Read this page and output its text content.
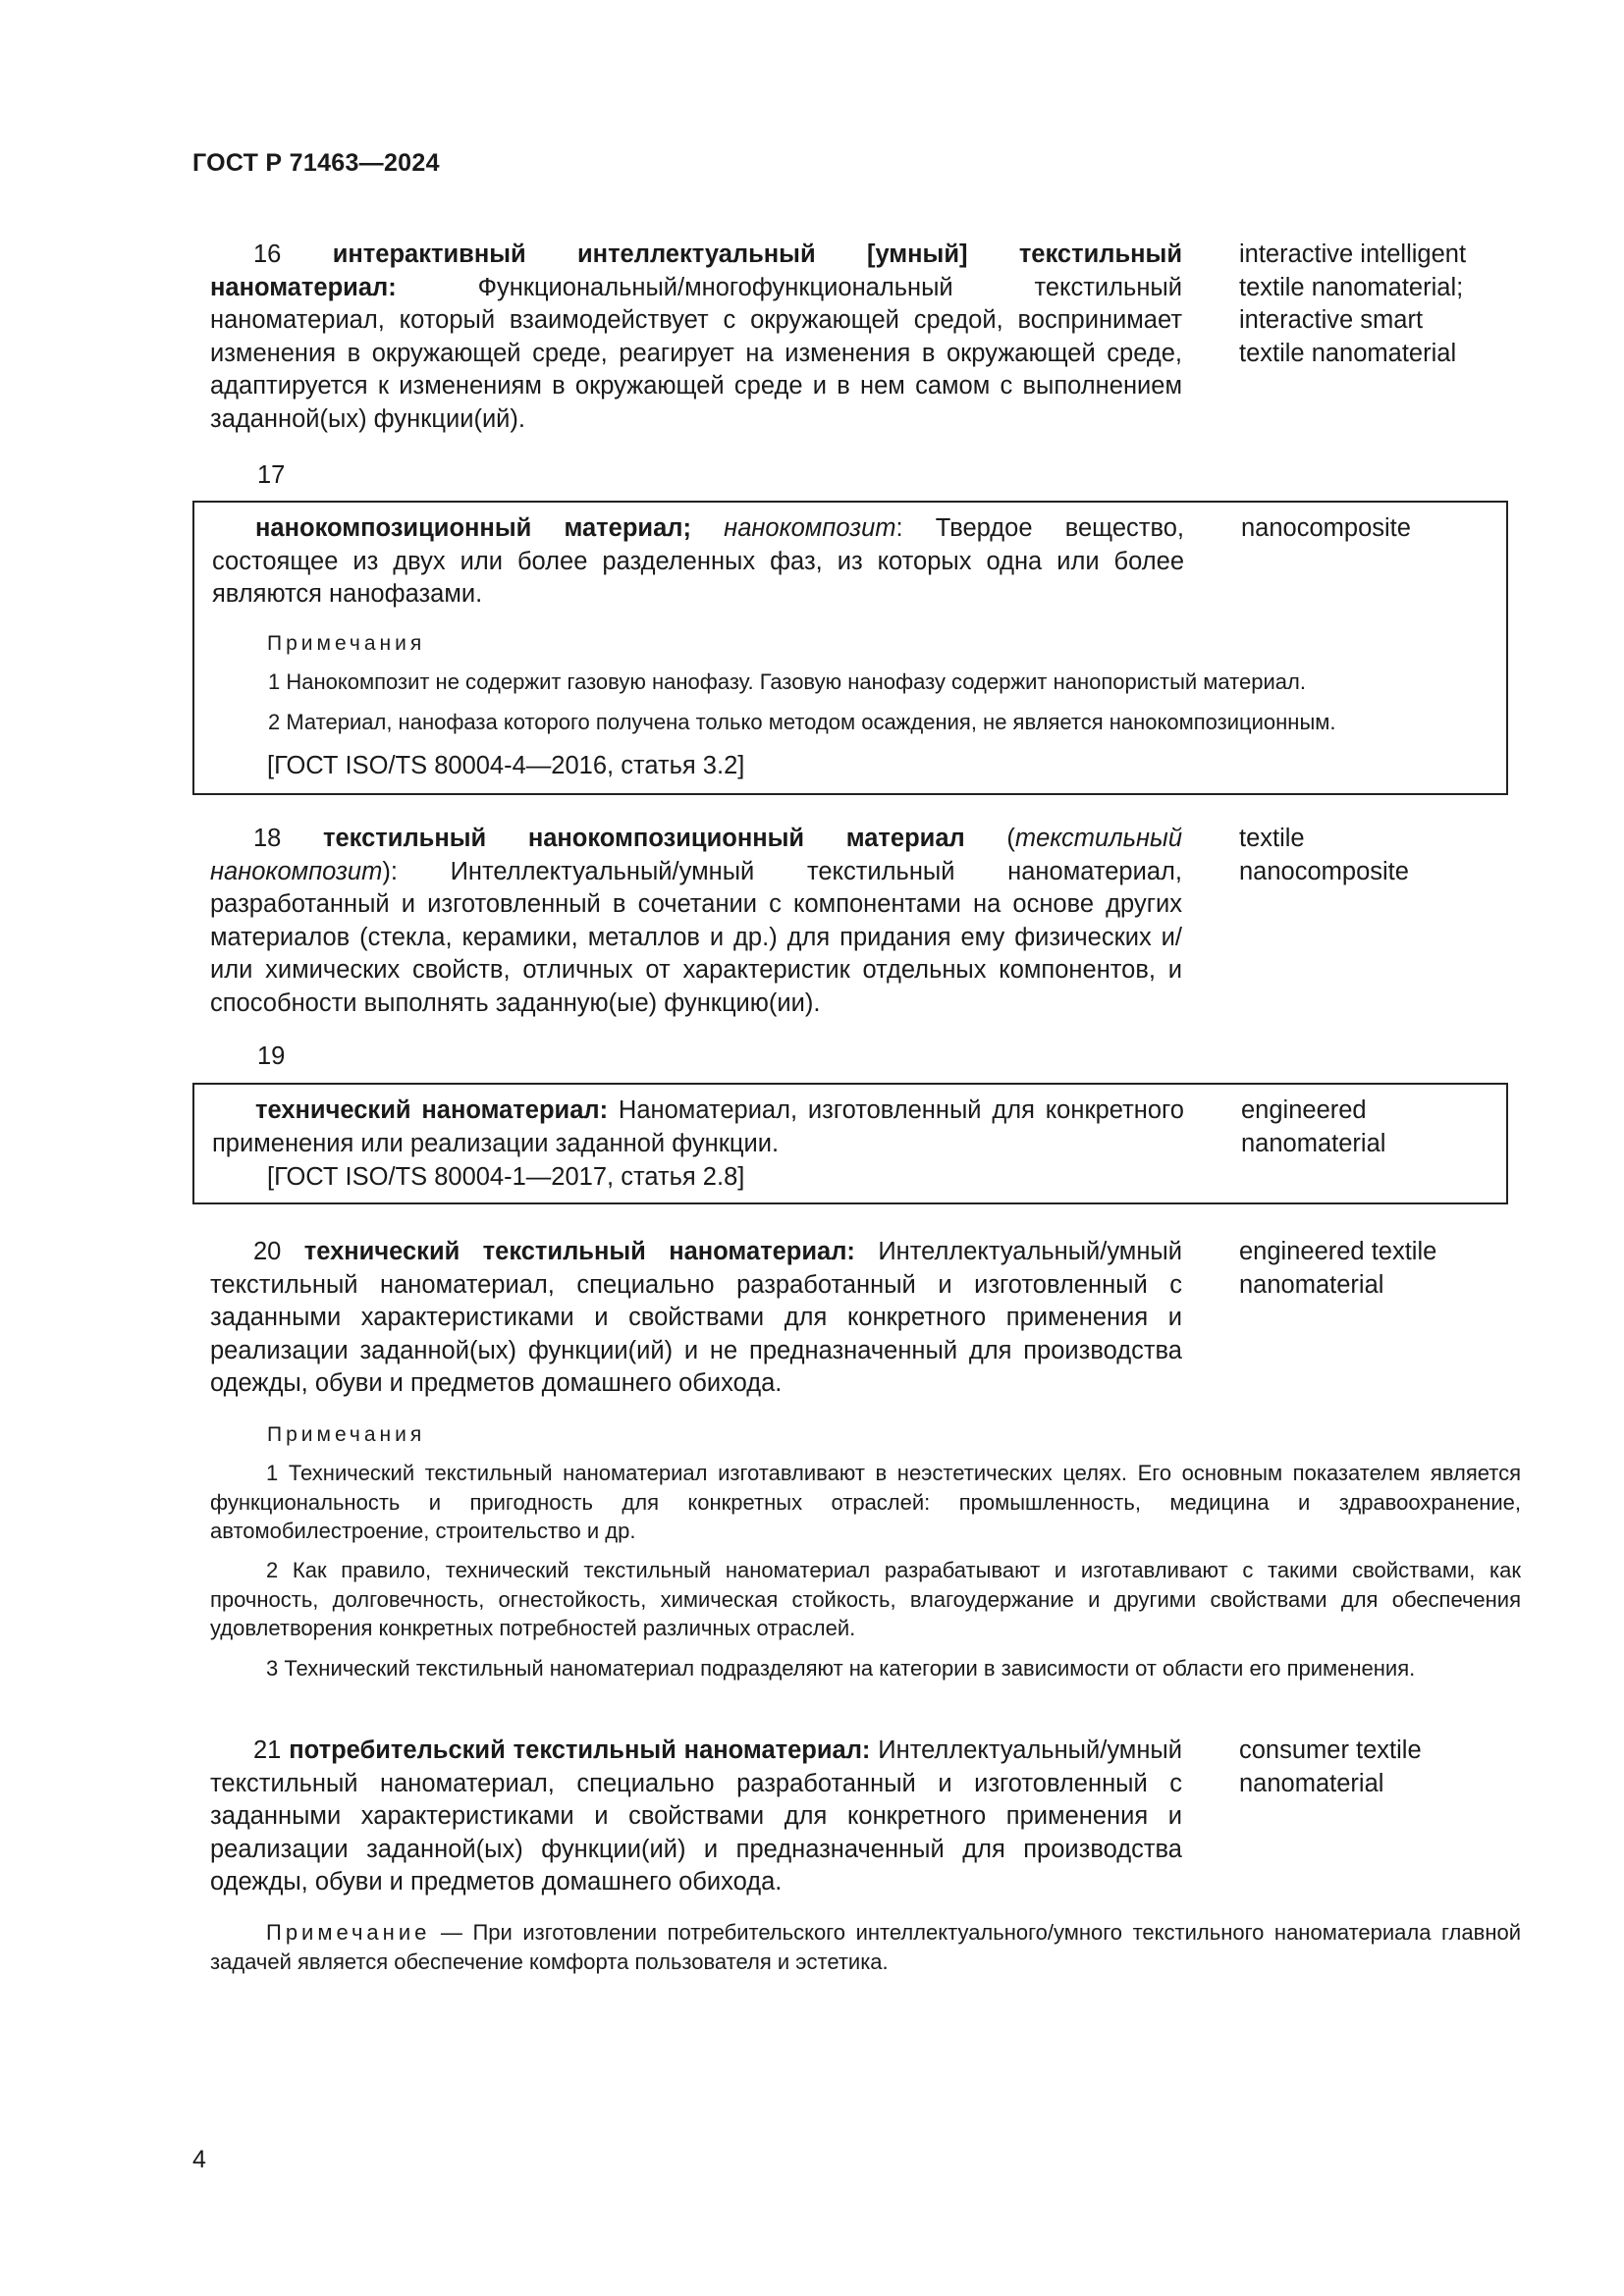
ГОСТ Р 71463—2024
16 интерактивный интеллектуальный [умный] текстильный наноматериал:	Функциональный/многофункциональный текстильный наноматериал, который взаимодействует с окружающей средой, воспринимает изменения в окружающей среде, реагирует на изменения в окружающей среде, адаптируется к изменениям в окружающей среде и в нем самом с выполнением заданной(ых) функции(ий).
interactive intelligent
textile nanomaterial;
interactive smart
textile nanomaterial
17
нанокомпозиционный материал; нанокомпозит: Твердое вещество, состоящее из двух или более разделенных фаз, из которых одна или более являются нанофазами.
nanocomposite
Примечания
1 Нанокомпозит не содержит газовую нанофазу. Газовую нанофазу содержит нанопористый материал.
2 Материал, нанофаза которого получена только методом осаждения, не является нанокомпозиционным.
[ГОСТ ISO/TS 80004-4—2016, статья 3.2]
18 текстильный нанокомпозиционный материал (текстильный нанокомпозит): Интеллектуальный/умный текстильный наноматериал, разработанный и изготовленный в сочетании с компонентами на основе других материалов (стекла, керамики, металлов и др.) для придания ему физических и/или химических свойств, отличных от характеристик отдельных компонентов, и способности выполнять заданную(ые) функцию(ии).
textile
nanocomposite
19
технический наноматериал: Наноматериал, изготовленный для конкретного применения или реализации заданной функции.
engineered
nanomaterial
[ГОСТ ISO/TS 80004-1—2017, статья 2.8]
20 технический текстильный наноматериал: Интеллектуальный/умный текстильный наноматериал, специально разработанный и изготовленный с заданными характеристиками и свойствами для конкретного применения и реализации заданной(ых) функции(ий) и не предназначенный для производства одежды, обуви и предметов домашнего обихода.
engineered textile
nanomaterial
Примечания
1 Технический текстильный наноматериал изготавливают в неэстетических целях. Его основным показателем является функциональность и пригодность для конкретных отраслей: промышленность, медицина и здравоохранение, автомобилестроение, строительство и др.
2 Как правило, технический текстильный наноматериал разрабатывают и изготавливают с такими свойствами, как прочность, долговечность, огнестойкость, химическая стойкость, влагоудержание и другими свойствами для обеспечения удовлетворения конкретных потребностей различных отраслей.
3 Технический текстильный наноматериал подразделяют на категории в зависимости от области его применения.
21 потребительский текстильный наноматериал: Интеллектуальный/умный текстильный наноматериал, специально разработанный и изготовленный с заданными характеристиками и свойствами для конкретного применения и реализации заданной(ых) функции(ий) и предназначенный для производства одежды, обуви и предметов домашнего обихода.
consumer textile
nanomaterial
Примечание — При изготовлении потребительского интеллектуального/умного текстильного наноматериала главной задачей является обеспечение комфорта пользователя и эстетика.
4
